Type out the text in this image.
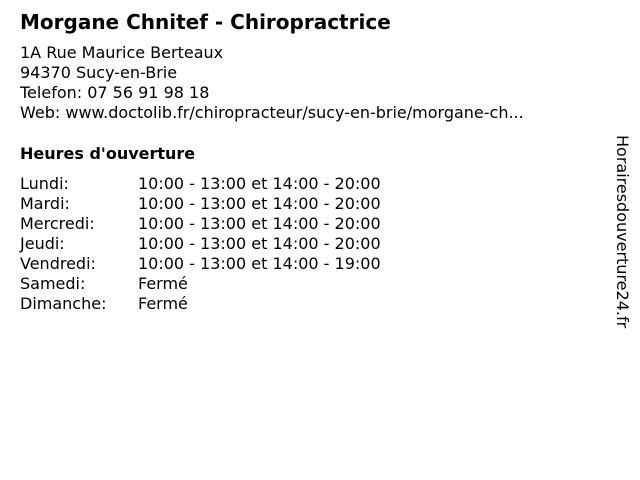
Morgane Chnitef - Chiropractrice
1A Rue Maurice Berteaux
94370 Sucy-en-Brie
Telefon: 07 56 91 98 18
Web: www.doctolib.fr/chiropracteur/sucy-en-brie/morgane-ch...
Heures d'ouverture
Lundi:	10:00 - 13:00 et 14:00 - 20:00
Mardi:	10:00 - 13:00 et 14:00 - 20:00
Mercredi:	10:00 - 13:00 et 14:00 - 20:00
Jeudi:	10:00 - 13:00 et 14:00 - 20:00
Vendredi:	10:00 - 13:00 et 14:00 - 19:00
Samedi:	Fermé
Dimanche:	Fermé	Horairesdouverture24.fr
